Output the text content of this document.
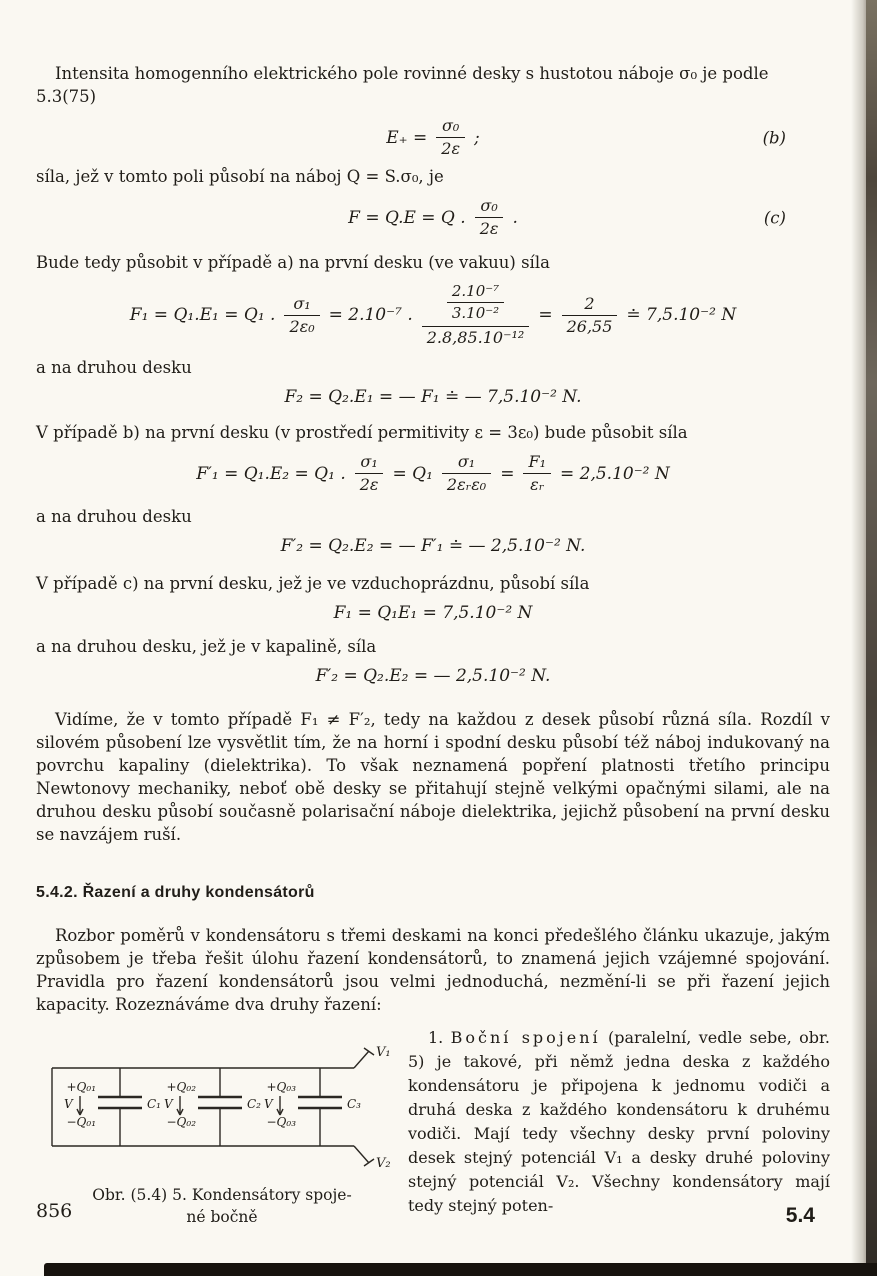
Intensita homogenního elektrického pole rovinné desky s hustotou náboje σ₀ je podle
5.3(75)

$E_+ = \frac{\text{σ₀}}{2\varepsilon}$ ;	(b)

síla, jež v tomto poli působí na náboj Q = S.σ₀, je

F = Q.E = Q . $\frac{\text{σ₀}}{2\varepsilon}$ .	(c)

Bude tedy působit v případě a) na první desku (ve vakuu) síla

F₁ = Q₁.E₁ = Q₁ . $\frac{\text{σ₁}}{\text{2ε₀}} = 2.10^{-7}$ . $\frac{\frac{\text{2.10⁻⁷}}{\text{3.10⁻²}}}{\text{2.8,85.10⁻¹²}} = \frac{2}{26,55}$ ≐ 7,5.10⁻² N

a na druhou desku

F₂ = Q₂.E₁ = — F₁ ≐ — 7,5.10⁻² N.

V případě b) na první desku (v prostředí permitivity ε = 3ε₀) bude působit síla

F′₁ = Q₁.E₂ = Q₁ . $\frac{\text{σ₁}}{2\varepsilon} = Q_1 \frac{\text{σ₁}}{\text{2εᵣε₀}} = \frac{\text{F₁}}{\text{εᵣ}} = 2,5.10^{-2}$ N

a na druhou desku

F′₂ = Q₂.E₂ = — F′₁ ≐ — 2,5.10⁻² N.

V případě c) na první desku, jež je ve vzduchoprázdnu, působí síla

F₁ = Q₁E₁ = 7,5.10⁻² N

a na druhou desku, jež je v kapalině, síla

F′₂ = Q₂.E₂ = — 2,5.10⁻² N.

Vidíme, že v tomto případě F₁ ≠ F′₂, tedy na každou z desek působí různá síla. Rozdíl v silovém působení lze vysvětlit tím, že na horní i spodní desku působí též náboj indukovaný na povrchu kapaliny (dielektrika). To však neznamená popření platnosti třetího principu Newtonovy mechaniky, neboť obě desky se přitahují stejně velkými opačnými silami, ale na druhou desku působí současně polarisační náboje dielektrika, jejichž působení na první desku se navzájem ruší.

5.4.2. Řazení a druhy kondensátorů

Rozbor poměrů v kondensátoru s třemi deskami na konci předešlého článku ukazuje, jakým způsobem je třeba řešit úlohu řazení kondensátorů, to znamená jejich vzájemné spojování. Pravidla pro řazení kondensátorů jsou velmi jednoduchá, nezmění-li se při řazení jejich kapacity. Rozeznáváme dva druhy řazení:

+Q₀₁
−Q₀₁
C₁
V
+Q₀₂
−Q₀₂
C₂
V
+Q₀₃
−Q₀₃
C₃
V
V₁
V₂

Obr. (5.4) 5. Kondensátory spoje-
né bočně

1. Boční spojení (paralelní, vedle sebe, obr. 5) je takové, při němž jedna deska z každého kondensátoru je připojena k jednomu vodiči a druhá deska z každého kondensátoru k druhému vodiči. Mají tedy všechny desky první poloviny desek stejný potenciál V₁ a desky druhé poloviny stejný potenciál V₂. Všechny kondensátory mají tedy stejný poten-
856	5.4
